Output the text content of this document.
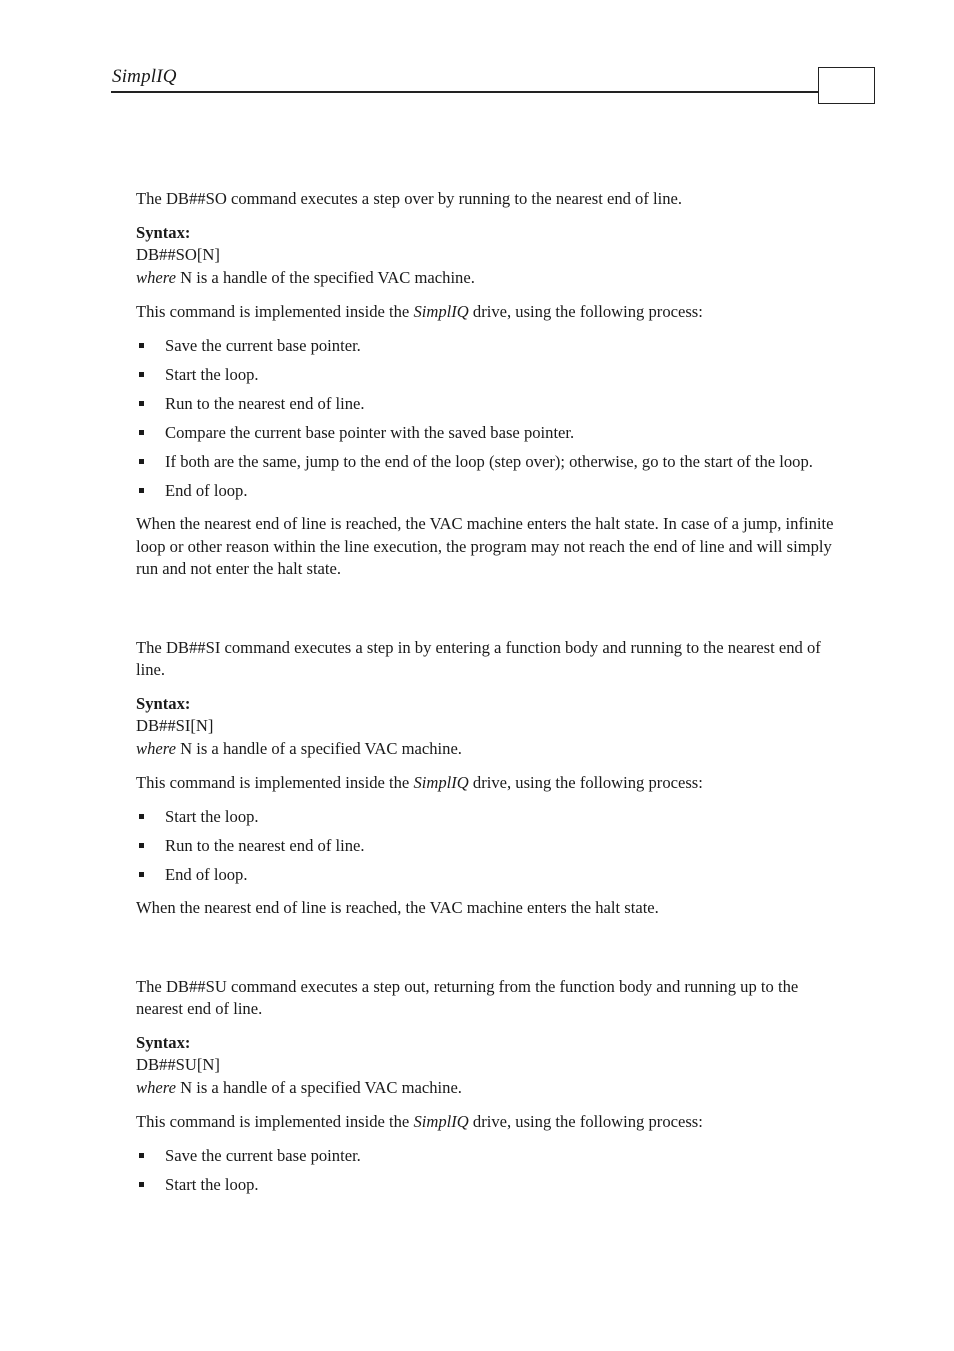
SimplIQ

The DB##SO command executes a step over by running to the nearest end of line.

Syntax:
DB##SO[N]
where N is a handle of the specified VAC machine.

This command is implemented inside the SimplIQ drive, using the following process:

Save the current base pointer.
Start the loop.
Run to the nearest end of line.
Compare the current base pointer with the saved base pointer.
If both are the same, jump to the end of the loop (step over); otherwise, go to the start of the loop.
End of loop.

When the nearest end of line is reached, the VAC machine enters the halt state. In case of a jump, infinite loop or other reason within the line execution, the program may not reach the end of line and will simply run and not enter the halt state.

The DB##SI command executes a step in by entering a function body and running to the nearest end of line.

Syntax:
DB##SI[N]
where N is a handle of a specified VAC machine.

This command is implemented inside the SimplIQ drive, using the following process:

Start the loop.
Run to the nearest end of line.
End of loop.

When the nearest end of line is reached, the VAC machine enters the halt state.

The DB##SU command executes a step out, returning from the function body and running up to the nearest end of line.

Syntax:
DB##SU[N]
where N is a handle of a specified VAC machine.

This command is implemented inside the SimplIQ drive, using the following process:

Save the current base pointer.
Start the loop.
